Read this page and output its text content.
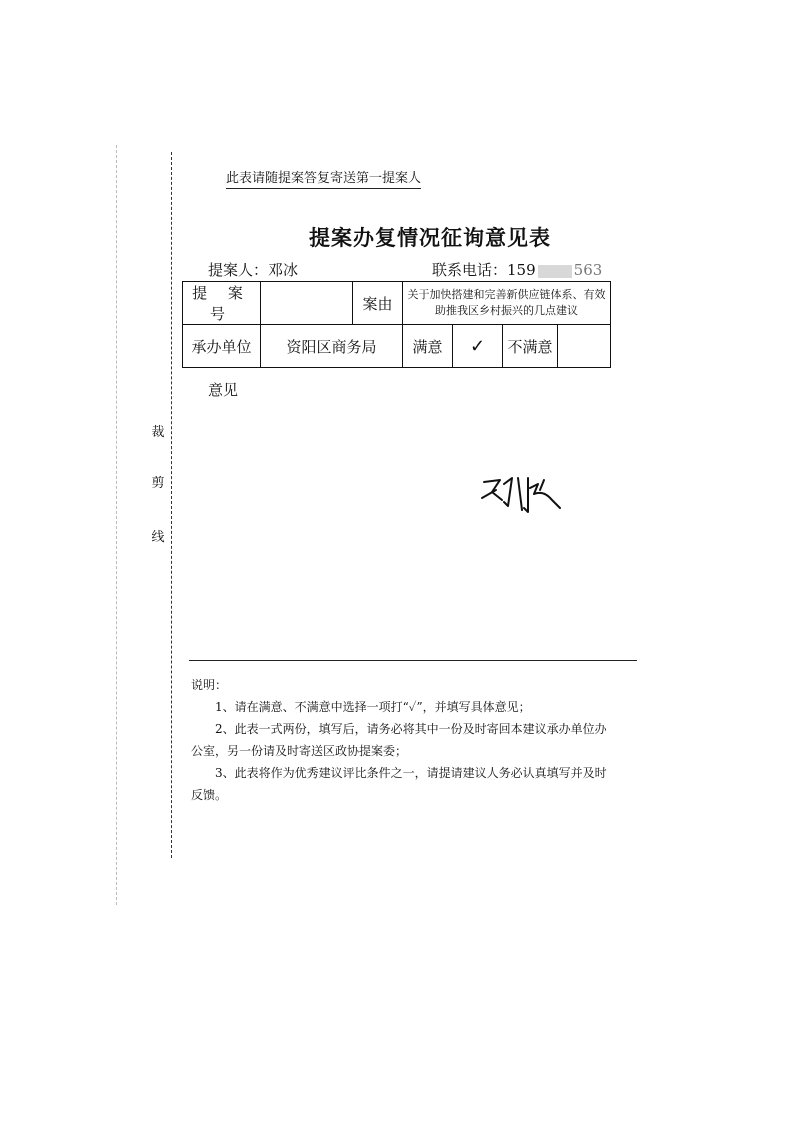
裁
剪
线
此表请随提案答复寄送第一提案人
提案办复情况征询意见表
提案人：邓冰	联系电话：159	563
提 案 号		案由	关于加快搭建和完善新供应链体系、有效助推我区乡村振兴的几点建议			
承办单位	资阳区商务局		满意	✓	不满意	
意见

说明：

1、请在满意、不满意中选择一项打“✓”，并填写具体意见；

2、此表一式两份，填写后，请务必将其中一份及时寄回本建议承办单位办公室，另一份请及时寄送区政协提案委；

3、此表将作为优秀建议评比条件之一，请提请建议人务必认真填写并及时反馈。
